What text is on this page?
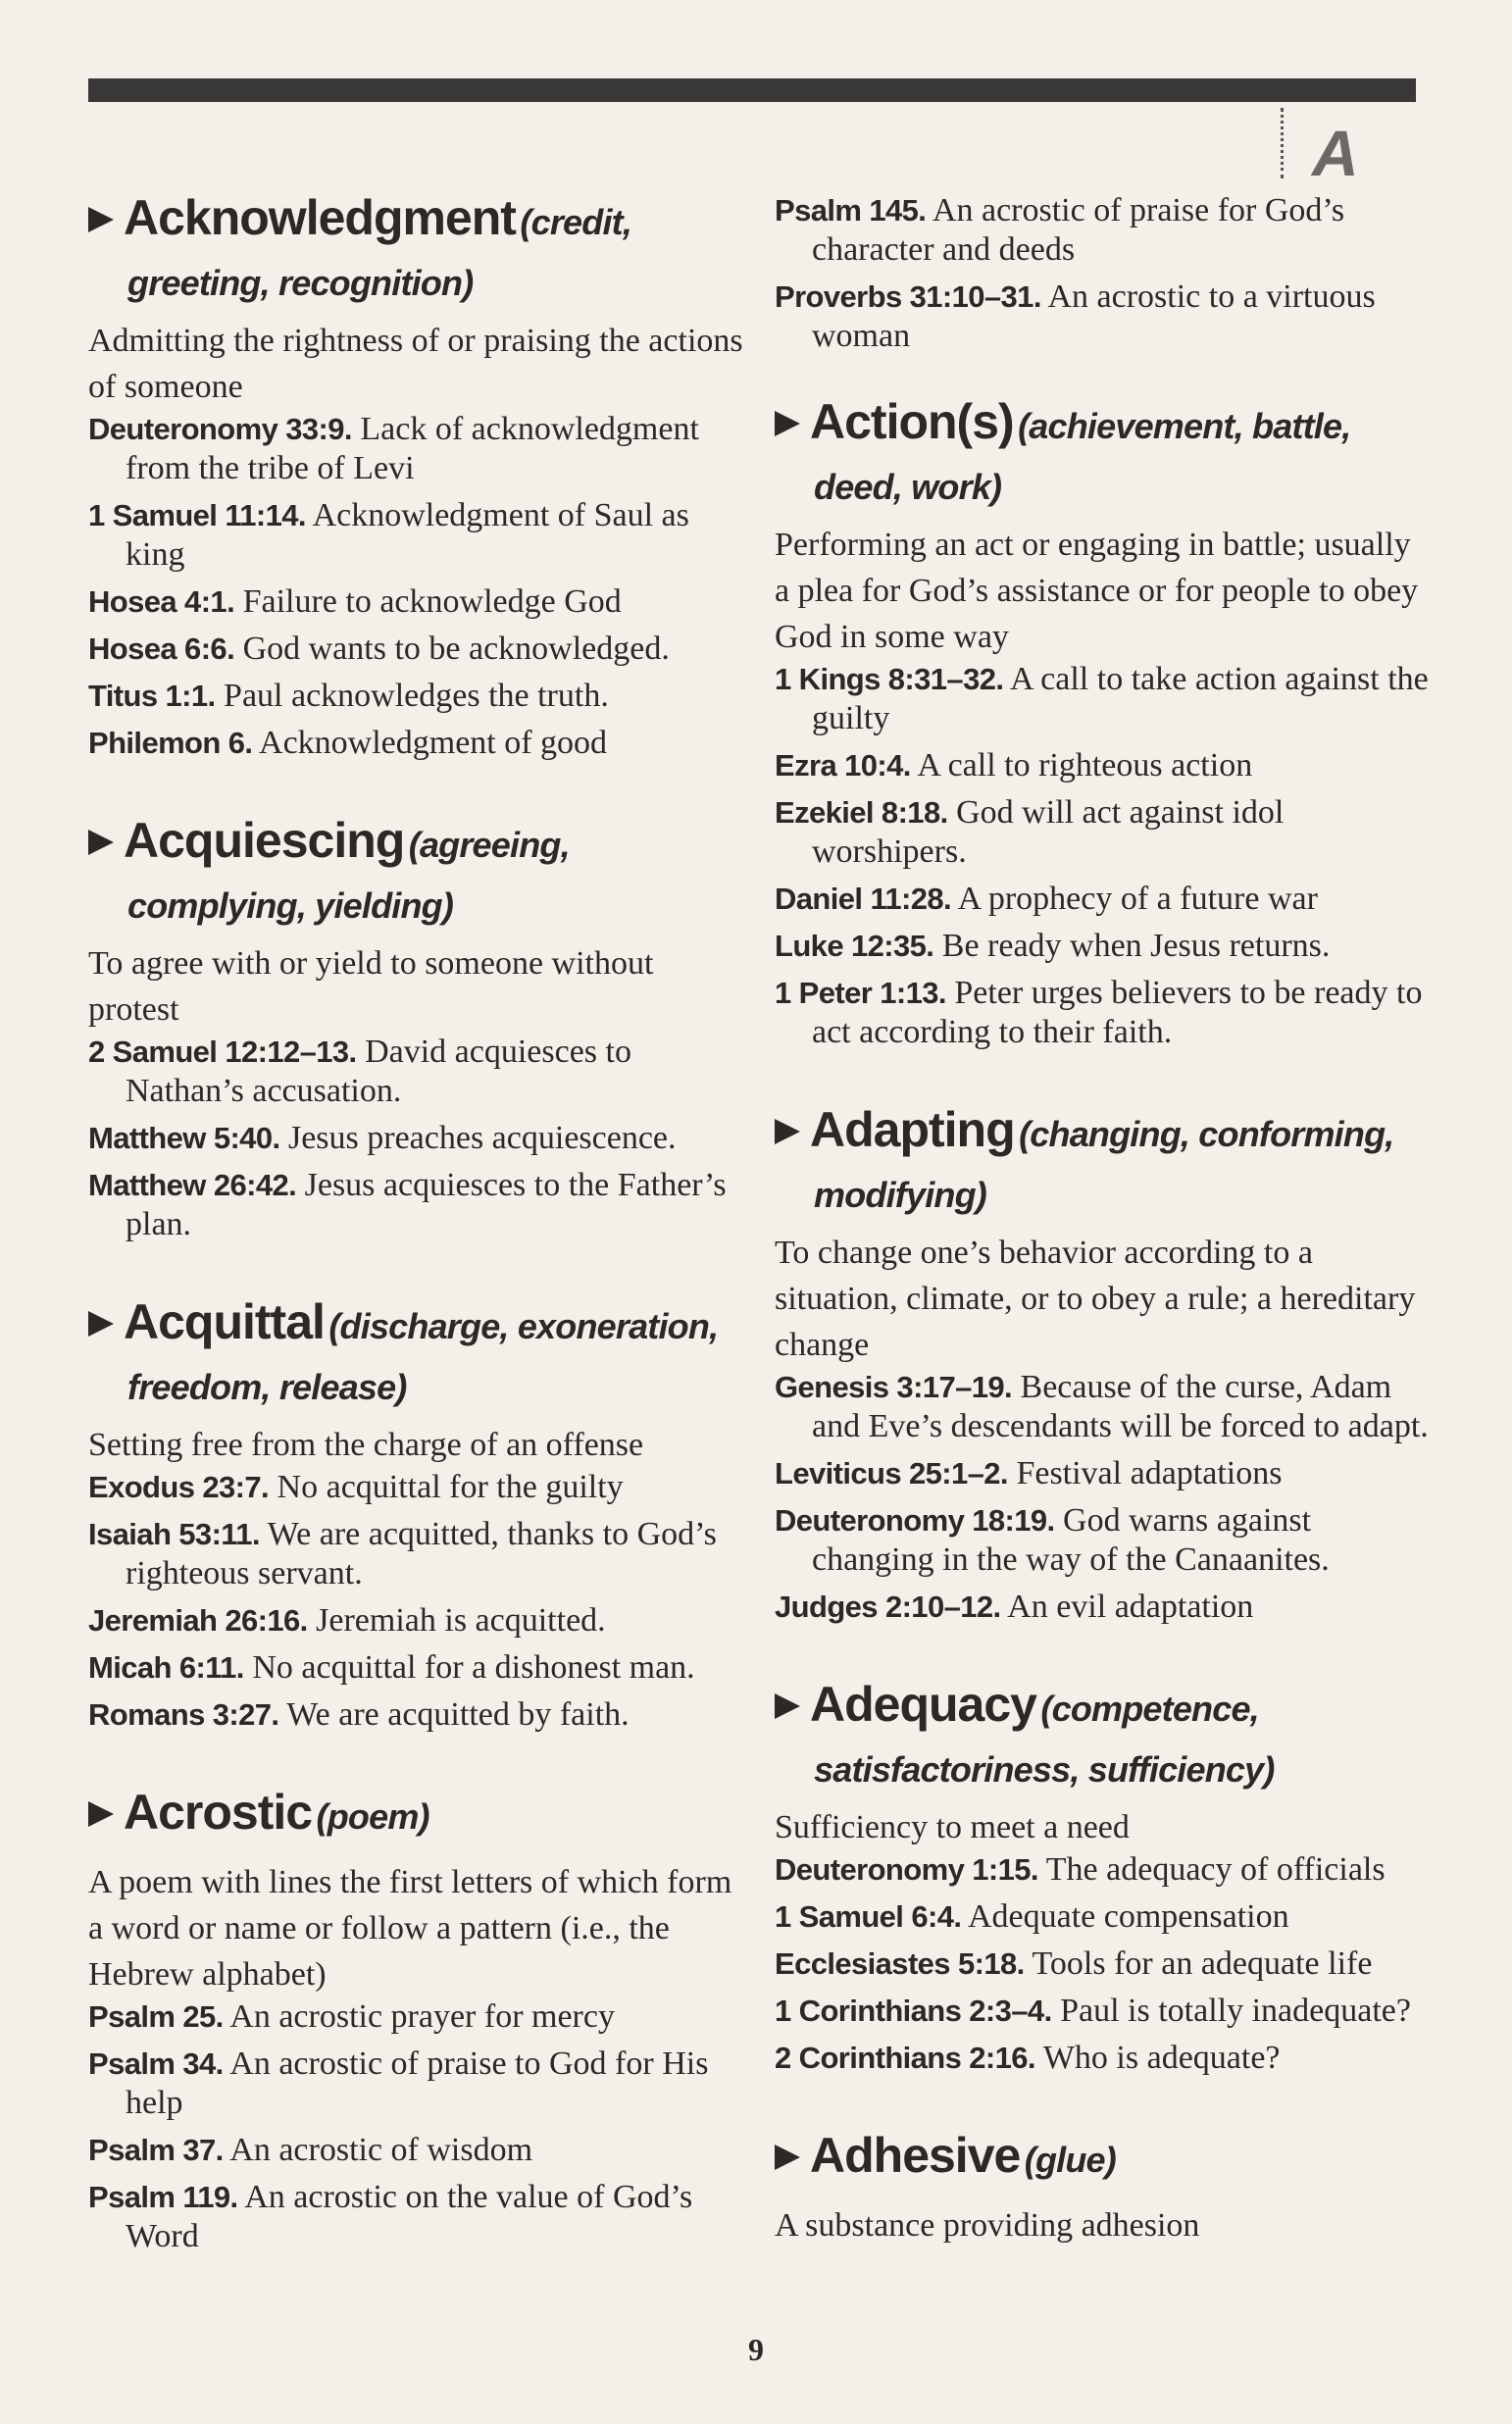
A
Acknowledgment (credit,
greeting, recognition)

Admitting the rightness of or praising the actions of someone

Deuteronomy 33:9. Lack of acknowledgment from the tribe of Levi
1 Samuel 11:14. Acknowledgment of Saul as king
Hosea 4:1. Failure to acknowledge God
Hosea 6:6. God wants to be acknowledged.
Titus 1:1. Paul acknowledges the truth.
Philemon 6. Acknowledgment of good
Acquiescing (agreeing,
complying, yielding)

To agree with or yield to someone without protest

2 Samuel 12:12–13. David acquiesces to Nathan’s accusation.
Matthew 5:40. Jesus preaches acquiescence.
Matthew 26:42. Jesus acquiesces to the Father’s plan.
Acquittal (discharge, exoneration,
freedom, release)

Setting free from the charge of an offense

Exodus 23:7. No acquittal for the guilty
Isaiah 53:11. We are acquitted, thanks to God’s righteous servant.
Jeremiah 26:16. Jeremiah is acquitted.
Micah 6:11. No acquittal for a dishonest man.
Romans 3:27. We are acquitted by faith.
Acrostic (poem)

A poem with lines the first letters of which form a word or name or follow a pattern (i.e., the Hebrew alphabet)

Psalm 25. An acrostic prayer for mercy
Psalm 34. An acrostic of praise to God for His help
Psalm 37. An acrostic of wisdom
Psalm 119. An acrostic on the value of God’s Word
Psalm 145. An acrostic of praise for God’s character and deeds
Proverbs 31:10–31. An acrostic to a virtuous woman
Action(s) (achievement, battle,
deed, work)

Performing an act or engaging in battle; usually a plea for God’s assistance or for people to obey God in some way

1 Kings 8:31–32. A call to take action against the guilty
Ezra 10:4. A call to righteous action
Ezekiel 8:18. God will act against idol worshipers.
Daniel 11:28. A prophecy of a future war
Luke 12:35. Be ready when Jesus returns.
1 Peter 1:13. Peter urges believers to be ready to act according to their faith.
Adapting (changing, conforming,
modifying)

To change one’s behavior according to a situation, climate, or to obey a rule; a hereditary change

Genesis 3:17–19. Because of the curse, Adam and Eve’s descendants will be forced to adapt.
Leviticus 25:1–2. Festival adaptations
Deuteronomy 18:19. God warns against changing in the way of the Canaanites.
Judges 2:10–12. An evil adaptation
Adequacy (competence,
satisfactoriness, sufficiency)

Sufficiency to meet a need

Deuteronomy 1:15. The adequacy of officials
1 Samuel 6:4. Adequate compensation
Ecclesiastes 5:18. Tools for an adequate life
1 Corinthians 2:3–4. Paul is totally inadequate?
2 Corinthians 2:16. Who is adequate?
Adhesive (glue)

A substance providing adhesion

9
